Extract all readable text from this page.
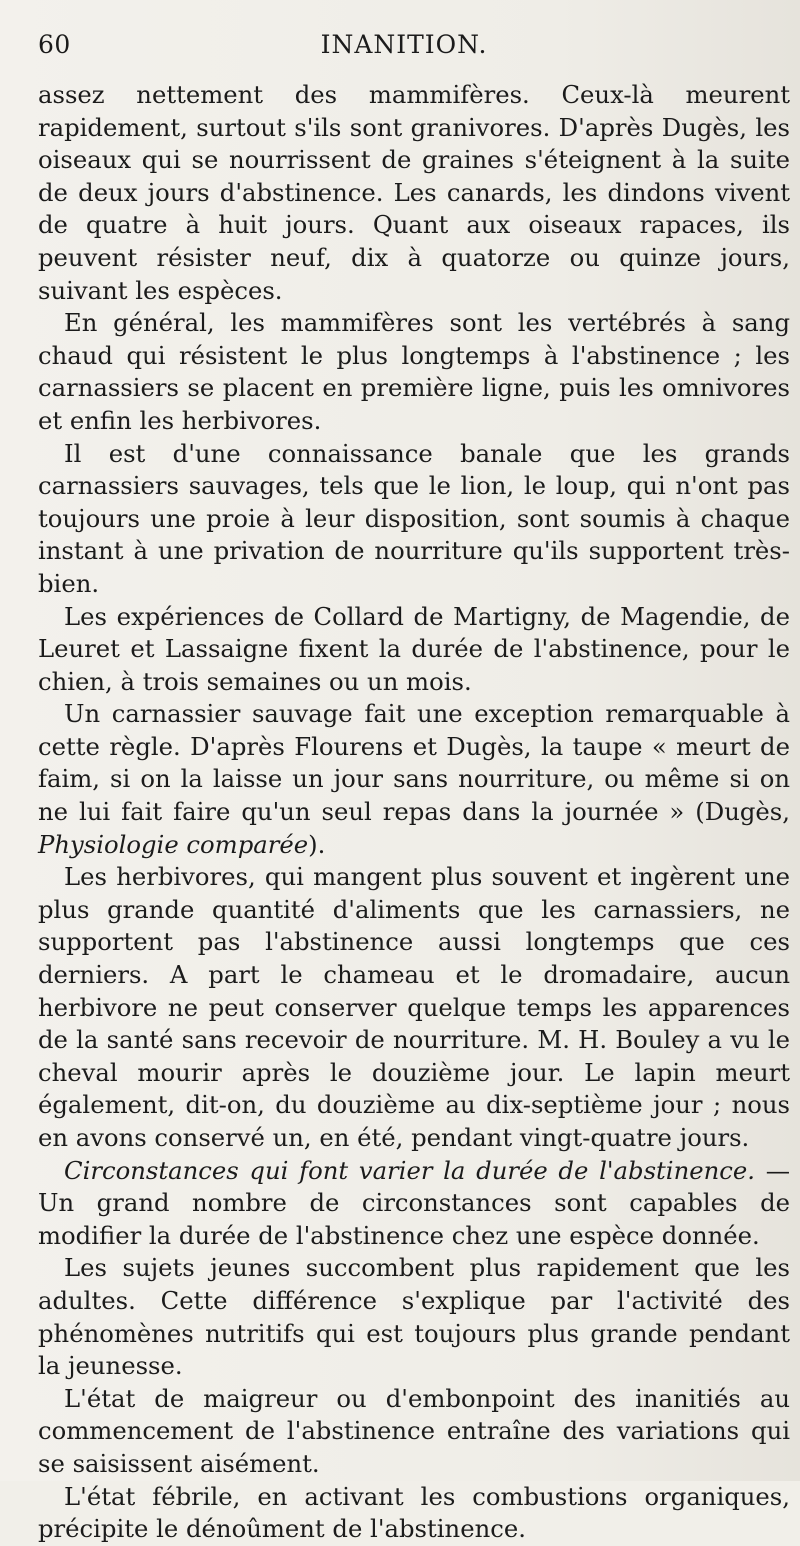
60	INANITION.

assez nettement des mammifères. Ceux-là meurent rapidement, surtout s'ils sont granivores. D'après Dugès, les oiseaux qui se nourrissent de graines s'éteignent à la suite de deux jours d'abstinence. Les canards, les dindons vivent de quatre à huit jours. Quant aux oiseaux rapaces, ils peuvent résister neuf, dix à quatorze ou quinze jours, suivant les espèces.

En général, les mammifères sont les vertébrés à sang chaud qui résistent le plus longtemps à l'abstinence ; les carnassiers se placent en première ligne, puis les omnivores et enfin les herbivores.

Il est d'une connaissance banale que les grands carnassiers sauvages, tels que le lion, le loup, qui n'ont pas toujours une proie à leur disposition, sont soumis à chaque instant à une privation de nourriture qu'ils supportent très-bien.

Les expériences de Collard de Martigny, de Magendie, de Leuret et Lassaigne fixent la durée de l'abstinence, pour le chien, à trois semaines ou un mois.

Un carnassier sauvage fait une exception remarquable à cette règle. D'après Flourens et Dugès, la taupe « meurt de faim, si on la laisse un jour sans nourriture, ou même si on ne lui fait faire qu'un seul repas dans la journée » (Dugès, Physiologie comparée).

Les herbivores, qui mangent plus souvent et ingèrent une plus grande quantité d'aliments que les carnassiers, ne supportent pas l'abstinence aussi longtemps que ces derniers. A part le chameau et le dromadaire, aucun herbivore ne peut conserver quelque temps les apparences de la santé sans recevoir de nourriture. M. H. Bouley a vu le cheval mourir après le douzième jour. Le lapin meurt également, dit-on, du douzième au dix-septième jour ; nous en avons conservé un, en été, pendant vingt-quatre jours.

Circonstances qui font varier la durée de l'abstinence. — Un grand nombre de circonstances sont capables de modifier la durée de l'abstinence chez une espèce donnée.

Les sujets jeunes succombent plus rapidement que les adultes. Cette différence s'explique par l'activité des phénomènes nutritifs qui est toujours plus grande pendant la jeunesse.

L'état de maigreur ou d'embonpoint des inanitiés au commencement de l'abstinence entraîne des variations qui se saisissent aisément.

L'état fébrile, en activant les combustions organiques, précipite le dénoûment de l'abstinence.
